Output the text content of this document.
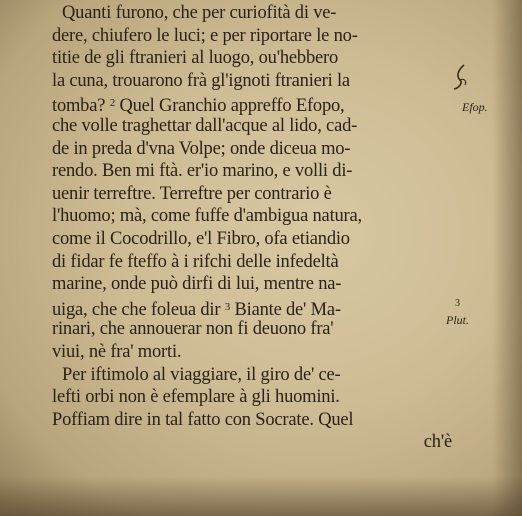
Quanti furono, che per curiofità di ve-
dere, chiufero le luci; e per riportare le no-
titie de gli ftranieri al luogo, ou'hebbero
la cuna, trouarono frà gl'ignoti ftranieri la
tomba? $^2$ Quel Granchio appreffo Efopo,
che volle traghettar dall'acque al lido, cad-
de in preda d'vna Volpe; onde diceua mo-
rendo. Ben mi ftà. er'io marino, e volli di-
uenir terreftre. Terreftre per contrario è
l'huomo; mà, come fuffe d'ambigua natura,
come il Cocodrillo, e'l Fibro, ofa etiandio
di fidar fe fteffo à i rifchi delle infedeltà
marine, onde può dirfi di lui, mentre na-
uiga, che che foleua dir $^3$ Biante de' Ma-
rinari, che annouerar non fi deuono fra'
viui, nè fra' morti.
Per iftimolo al viaggiare, il giro de' ce-
lefti orbi non è efemplare à gli huomini.
Poffiam dire in tal fatto con Socrate. Quel
ch'è
Efop.
3
Plut.
